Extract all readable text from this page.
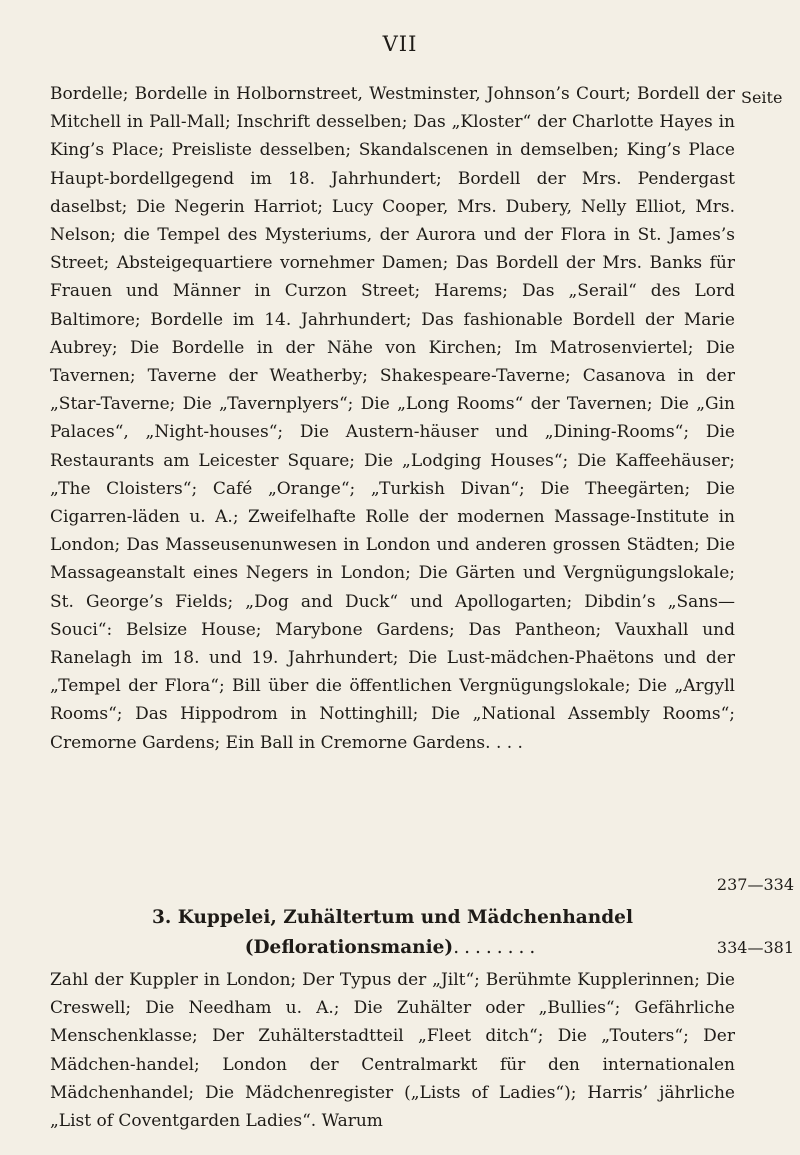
VII
Seite

Bordelle; Bordelle in Holbornstreet, Westminster, Johnson’s Court; Bordell der Mitchell in Pall-Mall; Inschrift desselben; Das „Kloster“ der Charlotte Hayes in King’s Place; Preisliste desselben; Skandalscenen in demselben; King’s Place Haupt-bordellgegend im 18. Jahrhundert; Bordell der Mrs. Pendergast daselbst; Die Negerin Harriot; Lucy Cooper, Mrs. Dubery, Nelly Elliot, Mrs. Nelson; die Tempel des Mysteriums, der Aurora und der Flora in St. James’s Street; Absteigequartiere vornehmer Damen; Das Bordell der Mrs. Banks für Frauen und Männer in Curzon Street; Harems; Das „Serail“ des Lord Baltimore; Bordelle im 14. Jahrhundert; Das fashionable Bordell der Marie Aubrey; Die Bordelle in der Nähe von Kirchen; Im Matrosenviertel; Die Tavernen; Taverne der Weatherby; Shakespeare-Taverne; Casanova in der „Star-Taverne; Die „Tavernplyers“; Die „Long Rooms“ der Tavernen; Die „Gin Palaces“, „Night-houses“; Die Austern-häuser und „Dining-Rooms“; Die Restaurants am Leicester Square; Die „Lodging Houses“; Die Kaffeehäuser; „The Cloisters“; Café „Orange“; „Turkish Divan“; Die Theegärten; Die Cigarren-läden u. A.; Zweifelhafte Rolle der modernen Massage-Institute in London; Das Masseusenunwesen in London und anderen grossen Städten; Die Massageanstalt eines Negers in London; Die Gärten und Vergnügungslokale; St. George’s Fields; „Dog and Duck“ und Apollogarten; Dibdin’s „Sans—Souci“: Belsize House; Marybone Gardens; Das Pantheon; Vauxhall und Ranelagh im 18. und 19. Jahrhundert; Die Lust-mädchen-Phaëtons und der „Tempel der Flora“; Bill über die öffentlichen Vergnügungslokale; Die „Argyll Rooms“; Das Hippodrom in Nottinghill; Die „National Assembly Rooms“; Cremorne Gardens; Ein Ball in Cremorne Gardens. . . .

237—334
3. Kuppelei, Zuhältertum und Mädchenhandel
(Deflorationsmanie)........	334—381

Zahl der Kuppler in London; Der Typus der „Jilt“; Berühmte Kupplerinnen; Die Creswell; Die Needham u. A.; Die Zuhälter oder „Bullies“; Gefährliche Menschenklasse; Der Zuhälterstadtteil „Fleet ditch“; Die „Touters“; Der Mädchen-handel; London der Centralmarkt für den internationalen Mädchenhandel; Die Mädchenregister („Lists of Ladies“); Harris’ jährliche „List of Coventgarden Ladies“. Warum
